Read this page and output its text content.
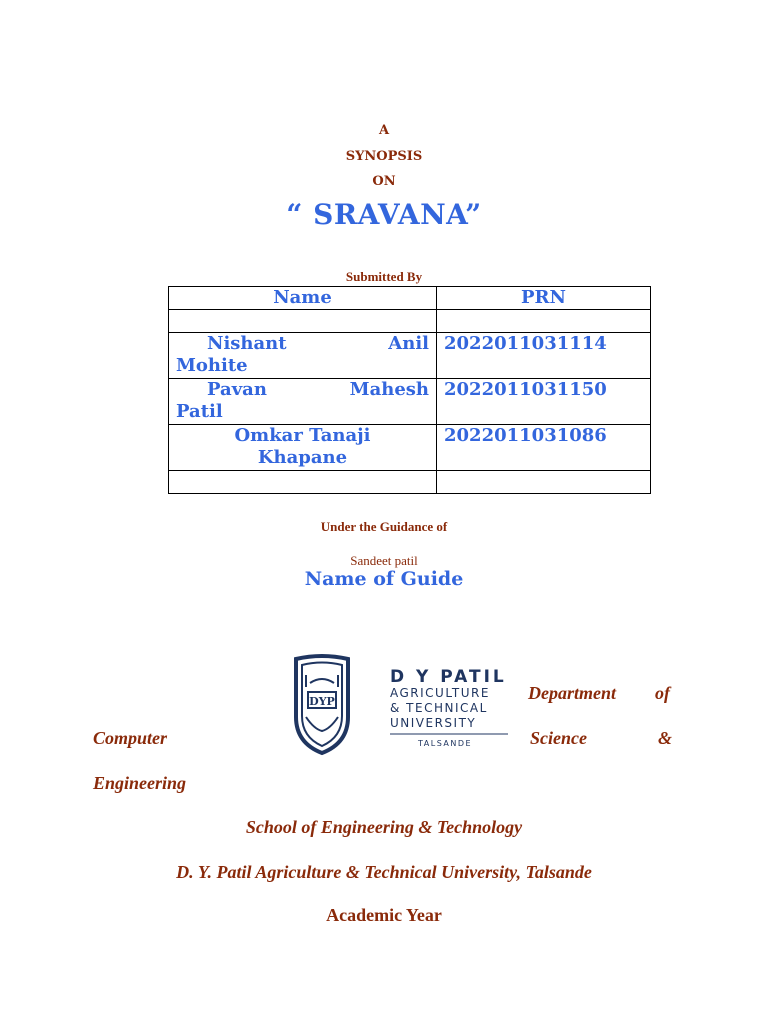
A
SYNOPSIS
ON
“ SRAVANA”
Submitted By
Name	PRN

Nishant Anil
Mohite	2022011031114

Pavan Mahesh
Patil	2022011031150

Omkar Tanaji
Khapane	2022011031086

Under the Guidance of
Sandeet patil
Name of Guide
DYP
D Y PATIL
AGRICULTURE
& TECHNICAL
UNIVERSITY
TALSANDE
Department of
Computer	Science	&
Engineering
School of Engineering & Technology
D. Y. Patil Agriculture & Technical University, Talsande
Academic Year
